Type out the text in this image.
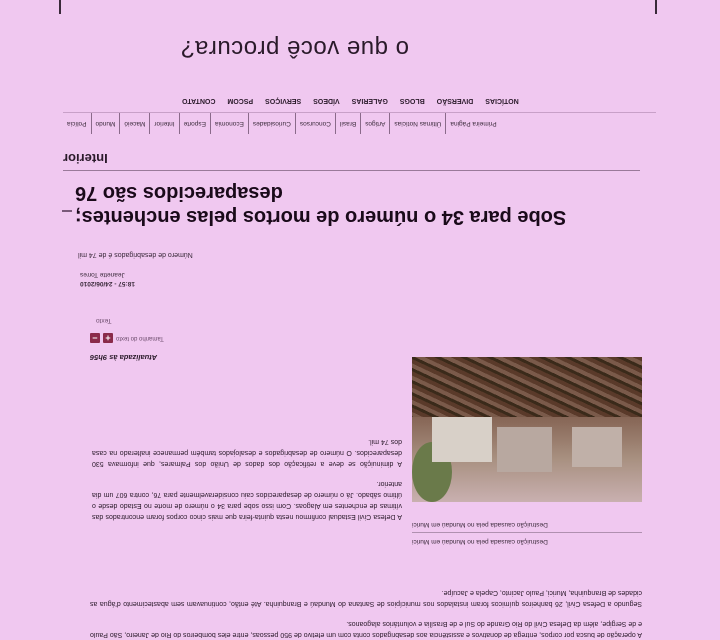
o que você procura?
NOTÍCIAS
DIVERSÃO
BLOGS
GALERIAS
VÍDEOS
SERVIÇOS
PSCOM
CONTATO
Primeira Página
Últimas Notícias
Artigos
Brasil
Concursos
Curiosidades
Economia
Esporte
Interior
Maceió
Mundo
Polícia
Interior
Sobe para 34 o número de mortos pelas enchentes; desaparecidos são 76
Número de desabrigados é de 74 mil
18:57 - 24/06/2010
Jeanette Torres
Texto
Tamanho do texto
+
−
Atualizada às 9h56
Destruição causada pela no Mundaú em Murici
Destruição causada pela no Mundaú em Murici

A Defesa Civil Estadual confirmou nesta quinta-feira que mais cinco corpos foram encontrados das vítimas de enchentes em Alagoas. Com isso sobe para 34 o número de morte no Estado desde o último sábado. Já o número de desaparecidos caiu consideravelmente para 76, contra 607 um dia anterior.

A diminuição se deve a retificação dos dados de União dos Palmares, que informava 530 desaparecidos. O número de desabrigados e desalojados também permanece inalterado na casa dos 74 mil.

A operação de busca por corpos, entrega de donativos e assistência aos desabrigados conta com um efetivo de 950 pessoas, entre eles bombeiros do Rio de Janeiro, São Paulo e de Sergipe, além da Defesa Civil do Rio Grande do Sul e de Brasília e voluntários alagoanos.

Segundo a Defesa Civil, 26 banheiros químicos foram instalados nos municípios de Santana do Mundaú e Branquinha. Até então, continuavam sem abastecimento d'água as cidades de Branquinha, Murici, Paulo Jacinto, Capela e Jacuípe.
